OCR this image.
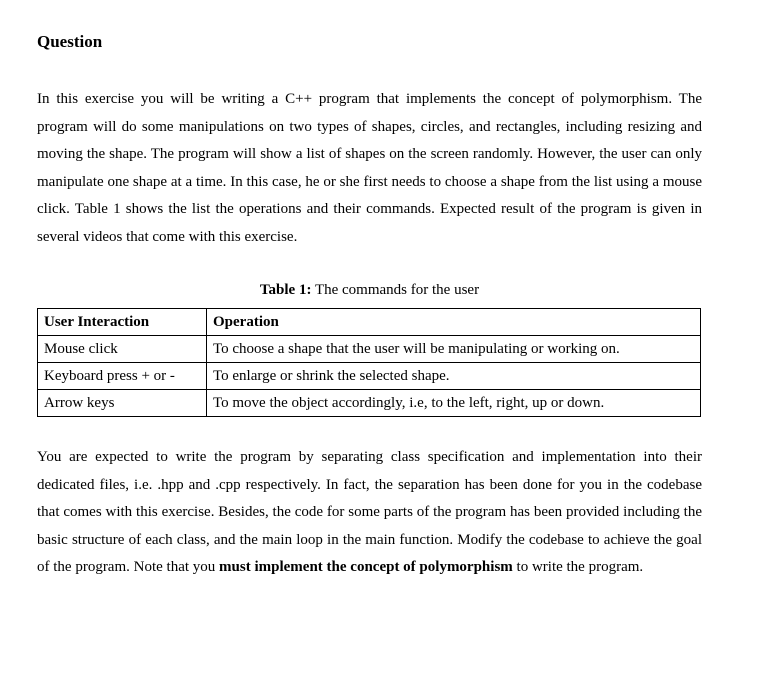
Question

In this exercise you will be writing a C++ program that implements the concept of polymorphism. The program will do some manipulations on two types of shapes, circles, and rectangles, including resizing and moving the shape. The program will show a list of shapes on the screen randomly. However, the user can only manipulate one shape at a time. In this case, he or she first needs to choose a shape from the list using a mouse click. Table 1 shows the list the operations and their commands. Expected result of the program is given in several videos that come with this exercise.

Table 1: The commands for the user
User Interaction	Operation
Mouse click	To choose a shape that the user will be manipulating or working on.
Keyboard press + or -	To enlarge or shrink the selected shape.
Arrow keys	To move the object accordingly, i.e, to the left, right, up or down.

You are expected to write the program by separating class specification and implementation into their dedicated files, i.e. .hpp and .cpp respectively. In fact, the separation has been done for you in the codebase that comes with this exercise. Besides, the code for some parts of the program has been provided including the basic structure of each class, and the main loop in the main function. Modify the codebase to achieve the goal of the program. Note that you must implement the concept of polymorphism to write the program.
